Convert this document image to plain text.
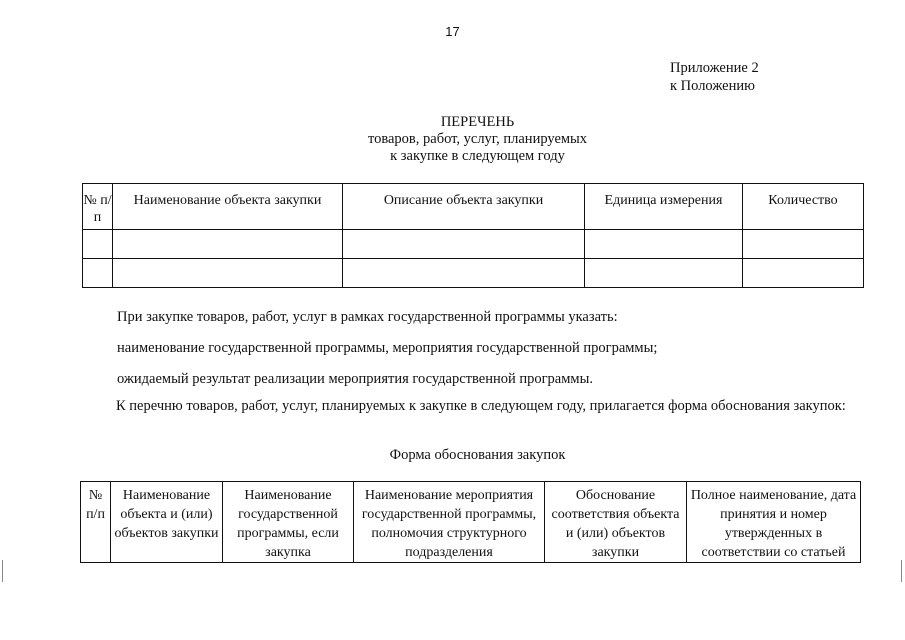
17
Приложение 2
к Положению
ПЕРЕЧЕНЬ
товаров, работ, услуг, планируемых
к закупке в следующем году
№ п/п	Наименование объекта закупки	Описание объекта закупки	Единица измерения	Количество

При закупке товаров, работ, услуг в рамках государственной программы указать:
наименование государственной программы, мероприятия государственной программы;
ожидаемый результат реализации мероприятия государственной программы.
К перечню товаров, работ, услуг, планируемых к закупке в следующем году, прилагается форма обоснования закупок:
Форма обоснования закупок
№ п/п	Наименование объекта и (или) объектов закупки	Наименование государственной программы, если закупка	Наименование мероприятия государственной программы, полномочия структурного подразделения	Обоснование соответствия объекта и (или) объектов закупки	Полное наименование, дата принятия и номер утвержденных в соответствии со статьей
